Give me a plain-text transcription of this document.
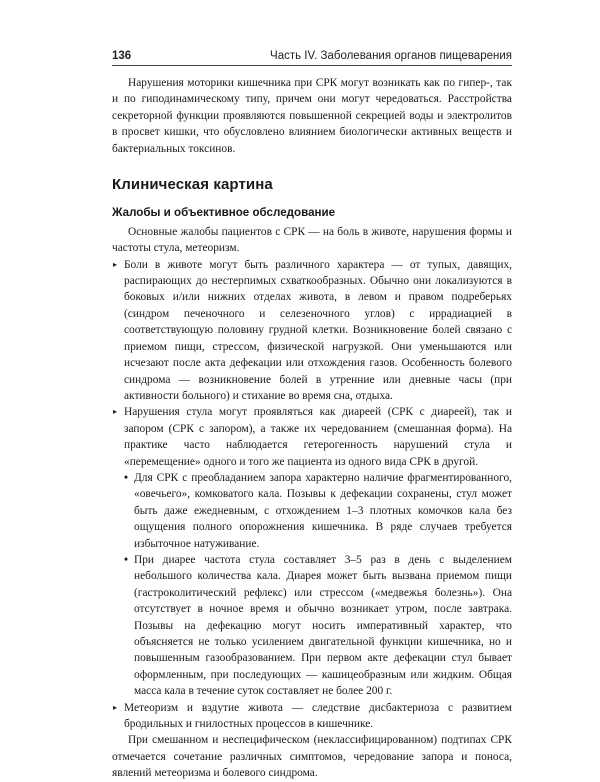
136	Часть IV. Заболевания органов пищеварения

Нарушения моторики кишечника при СРК могут возникать как по гипер-, так и по гиподинамическому типу, причем они могут чередоваться. Расстройства секреторной функции проявляются повышенной секрецией воды и электролитов в просвет кишки, что обусловлено влиянием биологически активных веществ и бактериальных токсинов.

Клиническая картина
Жалобы и объективное обследование

Основные жалобы пациентов с СРК — на боль в животе, нарушения формы и частоты стула, метеоризм.

▸ Боли в животе могут быть различного характера — от тупых, давящих, распирающих до нестерпимых схваткообразных. Обычно они локализуются в боковых и/или нижних отделах живота, в левом и правом подреберьях (синдром печеночного и селезеночного углов) с иррадиацией в соответствующую половину грудной клетки. Возникновение болей связано с приемом пищи, стрессом, физической нагрузкой. Они уменьшаются или исчезают после акта дефекации или отхождения газов. Особенность болевого синдрома — возникновение болей в утренние или дневные часы (при активности больного) и стихание во время сна, отдыха.
▸ Нарушения стула могут проявляться как диареей (СРК с диареей), так и запором (СРК с запором), а также их чередованием (смешанная форма). На практике часто наблюдается гетерогенность нарушений стула и «перемещение» одного и того же пациента из одного вида СРК в другой.
• Для СРК с преобладанием запора характерно наличие фрагментированного, «овечьего», комковатого кала. Позывы к дефекации сохранены, стул может быть даже ежедневным, с отхождением 1–3 плотных комочков кала без ощущения полного опорожнения кишечника. В ряде случаев требуется избыточное натуживание.
• При диарее частота стула составляет 3–5 раз в день с выделением небольшого количества кала. Диарея может быть вызвана приемом пищи (гастроколитический рефлекс) или стрессом («медвежья болезнь»). Она отсутствует в ночное время и обычно возникает утром, после завтрака. Позывы на дефекацию могут носить императивный характер, что объясняется не только усилением двигательной функции кишечника, но и повышенным газообразованием. При первом акте дефекации стул бывает оформленным, при последующих — кашицеобразным или жидким. Общая масса кала в течение суток составляет не более 200 г.
▸ Метеоризм и вздутие живота — следствие дисбактериоза с развитием бродильных и гнилостных процессов в кишечнике.

При смешанном и неспецифическом (неклассифицированном) подтипах СРК отмечается сочетание различных симптомов, чередование запора и поноса, явлений метеоризма и болевого синдрома.
